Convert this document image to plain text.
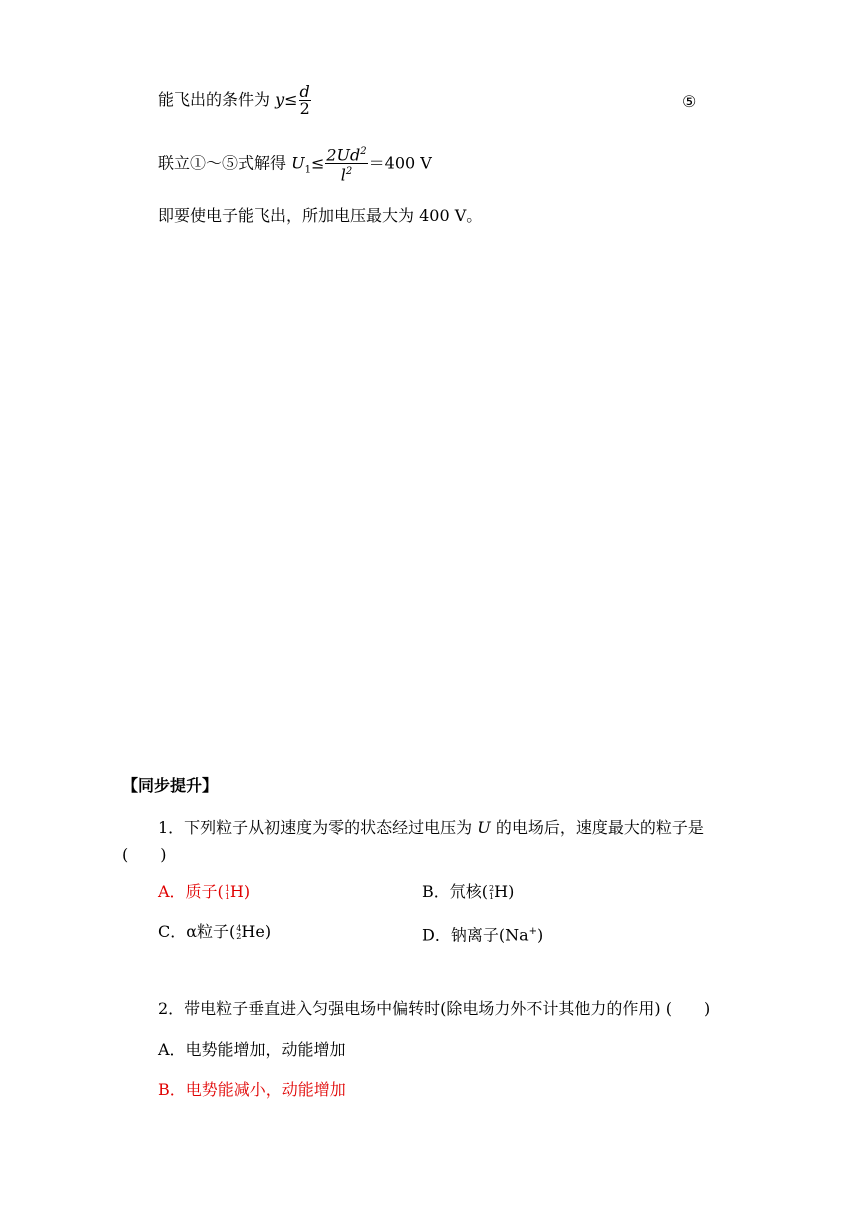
能飞出的条件为 $y\le \frac{d}{2}$	⑤
联立①～⑤式解得 $U_1\le \frac{2Ud^2}{l^2} =400$ V
即要使电子能飞出，所加电压最大为 400 V。
【同步提升】
1．下列粒子从初速度为零的状态经过电压为 U 的电场后，速度最大的粒子是
(　　)
A．质子( 1
1 H)	B．氘核( 2
1 H)
C．α粒子( 4
2 He)	D．钠离子(Na+)
2．带电粒子垂直进入匀强电场中偏转时(除电场力外不计其他力的作用) (　　)
A．电势能增加，动能增加
B．电势能减小，动能增加
